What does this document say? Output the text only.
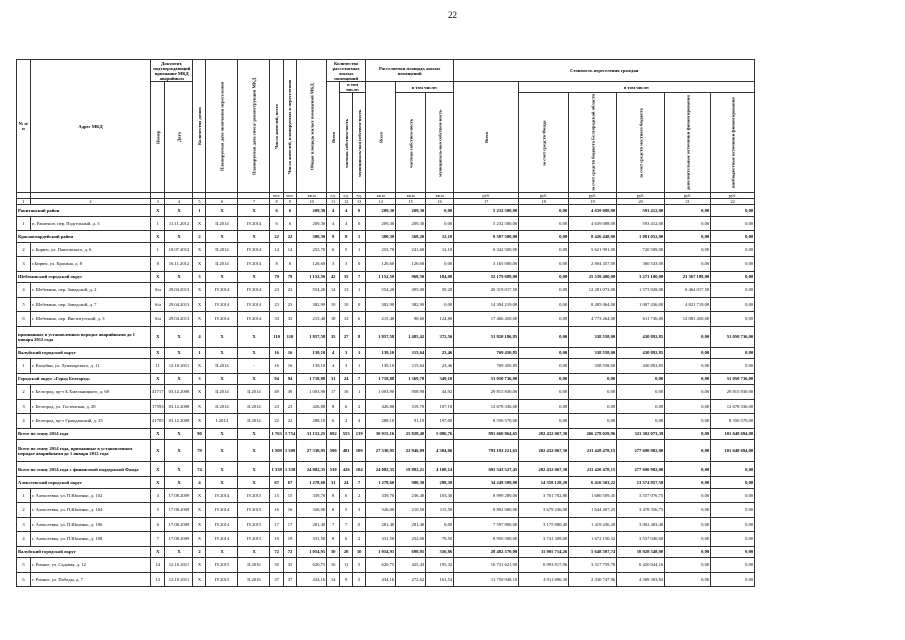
22
№ п/п	Адрес МКД	Документ, подтверждающий признание МКД аварийным		Количество домов	Планируемая дата окончания переселения	Планируемая дата сноса/ реконструкции МКД	Число жителей, всего	Число жителей, планируемых к переселению	Общая площадь жилых помещений МКД	Количество расселяемых жилых помещений			Расселяемая площадь жилых помещений			Стоимость переселения граждан					
		Номер	Дата							Всего	в том числе:		Всего	в том числе:		Всего	в том числе:				
											частная собствен-ность	муниципаль-ная собствен-ность		частная собствен-ность	муниципаль-ная собствен-ность		за счет средств Фонда	за счет средств бюджета Белгородской области	за счет средств местного бюджета	дополнительные источники финансирования	внебюджетные источники финансирования
							чел.	чел.	кв.м	ед.	ед.	ед.	кв.м	кв.м	кв.м	руб.	руб.	руб.	руб.	руб.	руб.
1	2	3	4	5	6	7	8	9	10	11	12	13	14	15	16	17	18	19	20	21	22
Ракитянский район		X	X	1	X	X	6	6	209,30	4	4	0	209,30	209,30	0,00	5 232 500,00	0,00	4 639 088,00	593 412,00	0,00	0,00
1	п. Ракитное, пер. Подгельный, д. 3	1	11.11.2012	X	II.2014	IV.2014	6	6	209,30	4	4	0	209,30	209,30	0,00	5 232 500,00	0,00	4 639 088,00	593 412,00	0,00	0,00
Красногвардейский район		X	X	2	X	X	22	22	380,30	9	8	1	380,30	368,20	12,10	9 507 500,00	0,00	8 426 448,00	1 081 052,00	0,00	0,00
2	г. Бирюч, ул. Павловского, д. 6	1	18.07.2012	X	II.2014	IV.2014	14	14	253,70	6	5	1	253,70	241,60	12,10	6 342 500,00	0,00	5 621 991,00	720 509,00	0,00	0,00
3	г.Бирюч, ул. Красина, д. 8	8	16.11.2012	X	II.2014	IV.2014	8	8	126,60	3	3	0	126,60	126,60	0,00	3 165 000,00	0,00	2 804 457,00	360 543,00	0,00	0,00
Шебекинский городской округ		X	X	3	X	X	79	79	1 152,50	42	35	7	1 152,50	968,50	184,00	52 179 688,00	0,00	25 539 400,00	3 273 100,00	23 367 188,00	0,00
4	г. Шебекино, пер. Заводской, д. 2	б/н	29.04.2013	X	IV.2014	IV.2014	23	23	554,20	14	13	1	554,20	495,00	59,20	20 319 017,50	0,00	12 281 072,00	1 573 928,00	6 464 017,50	0,00
5	г. Шебекино, пер. Заводской, д. 7	б/н	29.04.2013	X	IV.2014	IV.2014	23	23	382,90	10	10	0	382,90	382,90	0,00	14 394 219,00	0,00	8 485 064,00	1 087 436,00	4 821 719,00	0,00
6	г. Шебекино, пер. Институтский, д. 3	б/н	29.04.2013	X	IV.2014	IV.2014	33	33	215,40	18	12	6	215,40	90,60	124,80	17 466 450,00	0,00	4 773 264,00	611 736,00	12 081 450,00	0,00
признанные в установленном порядке аварийными до 1 января 2012 года		X	X	4	X	X	110	110	1 857,58	35	27	8	1 857,58	1 485,42	372,56	51 820 186,85	0,00	338 558,00	430 892,85	0,00	51 050 736,00
Валуйский городской округ		X	X	1	X	X	16	16	139,10	4	3	1	139,10	115,64	23,46	769 450,85	0,00	338 558,00	430 892,85	0,00	0,00
1	г. Валуйки, ул. Луначарского, д. 11	11	12.10.2011	X	II.2014	-	16	16	139,10	4	3	1	139,10	115,64	23,46	769 450,85	0,00	338 558,00	430 892,85	0,00	0,00
Городской округ «Город Белгород»		X	X	3	X	X	94	94	1 718,88	31	24	7	1 718,88	1 369,78	349,10	51 050 736,00	0,00	0,00	0,00	0,00	51 050 736,00
2	г. Белгород, пр-т Б.Хмельницкого, д. 68	41717	03.12.2008	X	II.2014	II.2014	49	49	1 003,90	17	16	1	1 003,90	958,98	44,92	29 815 830,00	0,00	0,00	0,00	0,00	29 815 830,00
3	г. Белгород, ул. Гостенская, д. 28	17593	03.12.2008	X	II.2014	II.2014	23	23	426,88	8	6	2	426,88	319,70	107,18	12 678 336,00	0,00	0,00	0,00	0,00	12 678 336,00
4	г. Белгород, пр-т Гражданский, д. 25	41705	03.12.2008	X	I.2014	II.2014	22	22	288,10	6	2	4	288,10	91,10	197,00	8 556 570,00	0,00	0,00	0,00	0,00	8 556 570,00
Всего по этапу 2014 года		X	X	90	X	X	1 763	1 754	31 152,25	692	553	139	30 915,16	25 828,40	5 086,76	891 660 864,65	202 432 067,30	266 278 029,96	321 302 073,39	0,00	101 648 694,00
Всего по этапу 2014 года, признанные в установленном порядке аварийными до 1 января 2012 года		X	X	79	X	X	1 509	1 509	27 330,95	590	481	109	27 330,95	22 946,89	4 384,06	793 192 221,65	202 432 067,30	211 428 478,15	277 690 982,00	0,00	101 648 694,00
Всего по этапу 2014 года с финансовой поддержкой Фонда		X	X	74	X	X	1 338	1 338	24 082,35	530	426	104	24 082,35	19 882,21	4 100,14	691 543 527,45	202 432 067,30	211 420 478,15	277 690 982,00	0,00	0,00
Алексеевский городской округ		X	X	4	X	X	67	67	1 278,60	31	24	7	1 278,60	980,30	298,30	34 249 589,00	14 358 128,20	6 416 503,22	13 574 957,58	0,00	0,00
1	г. Алексеевка, ул. П.Юшенко, д. 102	4	17.08.2009	X	IV.2014	IV.2015	15	15	339,70	8	6	2	339,70	236,40	103,30	8 999 289,00	3 761 702,80	1 680 509,45	3 557 076,75	0,00	0,00
2	г. Алексеевка, ул. П.Юшенко, д. 104	5	17.08.2009	X	IV.2014	IV.2015	16	16	326,00	8	5	3	326,00	210,50	115,50	8 802 000,00	3 679 236,00	1 644 407,25	3 478 356,75	0,00	0,00
3	г. Алексеевка, ул. П.Юшенко, д. 106	6	17.08.2009	X	IV.2014	IV.2015	17	17	281,40	7	7	0	281,40	281,40	0,00	7 597 800,00	3 175 880,40	1 419 436,20	3 002 483,40	0,00	0,00
4	г. Алексеевка, ул. П.Юшенко, д. 108	7	17.08.2009	X	IV.2014	IV.2015	19	19	331,50	8	6	2	331,50	252,00	79,50	8 950 500,00	3 741 309,00	1 672 150,32	3 537 040,68	0,00	0,00
Валуйский городской округ		X	X	2	X	X	72	72	1 054,91	30	20	10	1 054,91	698,05	356,86	28 482 570,00	11 905 714,26	5 648 507,74	10 928 348,00	0,00	0,00
5	г. Ровное, ул. Садовая, д. 12	14	12.10.2011	X	IV.2015	II.2016	35	35	620,75	16	11	5	620,75	425,43	195,32	16 731 621,90	6 993 817,96	3 317 759,78	6 420 044,16	0,00	0,00
6	г. Ровное, ул. Победы, д. 7	13	12.10.2011	X	IV.2015	II.2016	37	37	434,16	14	9	5	434,16	272,62	161,54	11 750 948,10	4 911 896,30	2 330 747,96	4 508 303,84	0,00	0,00
